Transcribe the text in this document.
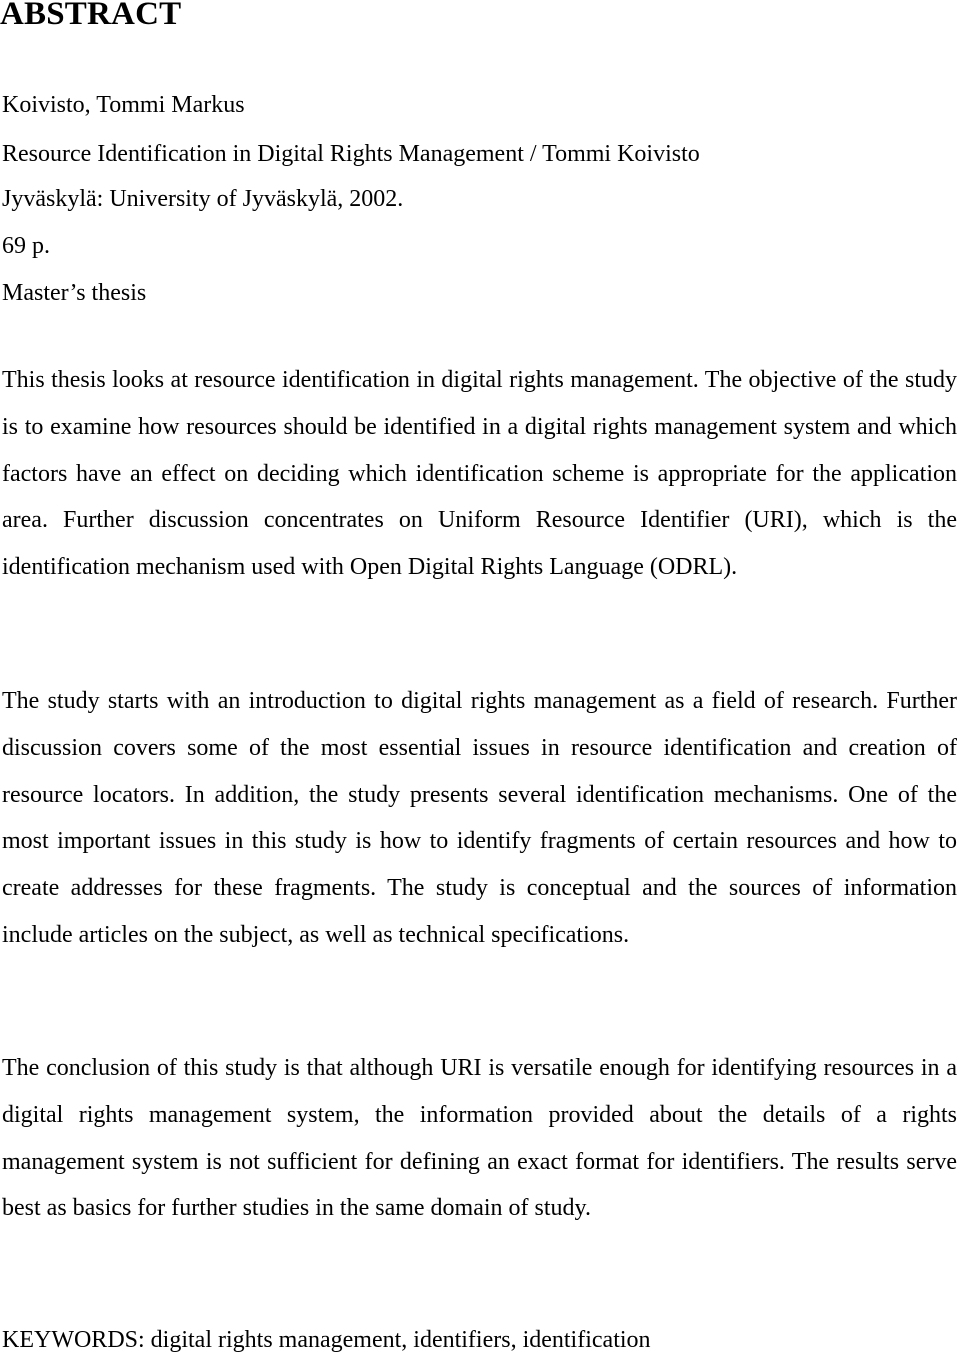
ABSTRACT

Koivisto, Tommi Markus

Resource Identification in Digital Rights Management / Tommi Koivisto

Jyväskylä: University of Jyväskylä, 2002.

69 p.

Master’s thesis

This thesis looks at resource identification in digital rights management. The objective of the study is to examine how resources should be identified in a digital rights management system and which factors have an effect on deciding which identification scheme is appropriate for the application area. Further discussion concentrates on Uniform Resource Identifier (URI), which is the identification mechanism used with Open Digital Rights Language (ODRL).

The study starts with an introduction to digital rights management as a field of research. Further discussion covers some of the most essential issues in resource identification and creation of resource locators. In addition, the study presents several identification mechanisms. One of the most important issues in this study is how to identify fragments of certain resources and how to create addresses for these fragments. The study is conceptual and the sources of information include articles on the subject, as well as technical specifications.

The conclusion of this study is that although URI is versatile enough for identifying resources in a digital rights management system, the information provided about the details of a rights management system is not sufficient for defining an exact format for identifiers. The results serve best as basics for further studies in the same domain of study.

KEYWORDS: digital rights management, identifiers, identification
